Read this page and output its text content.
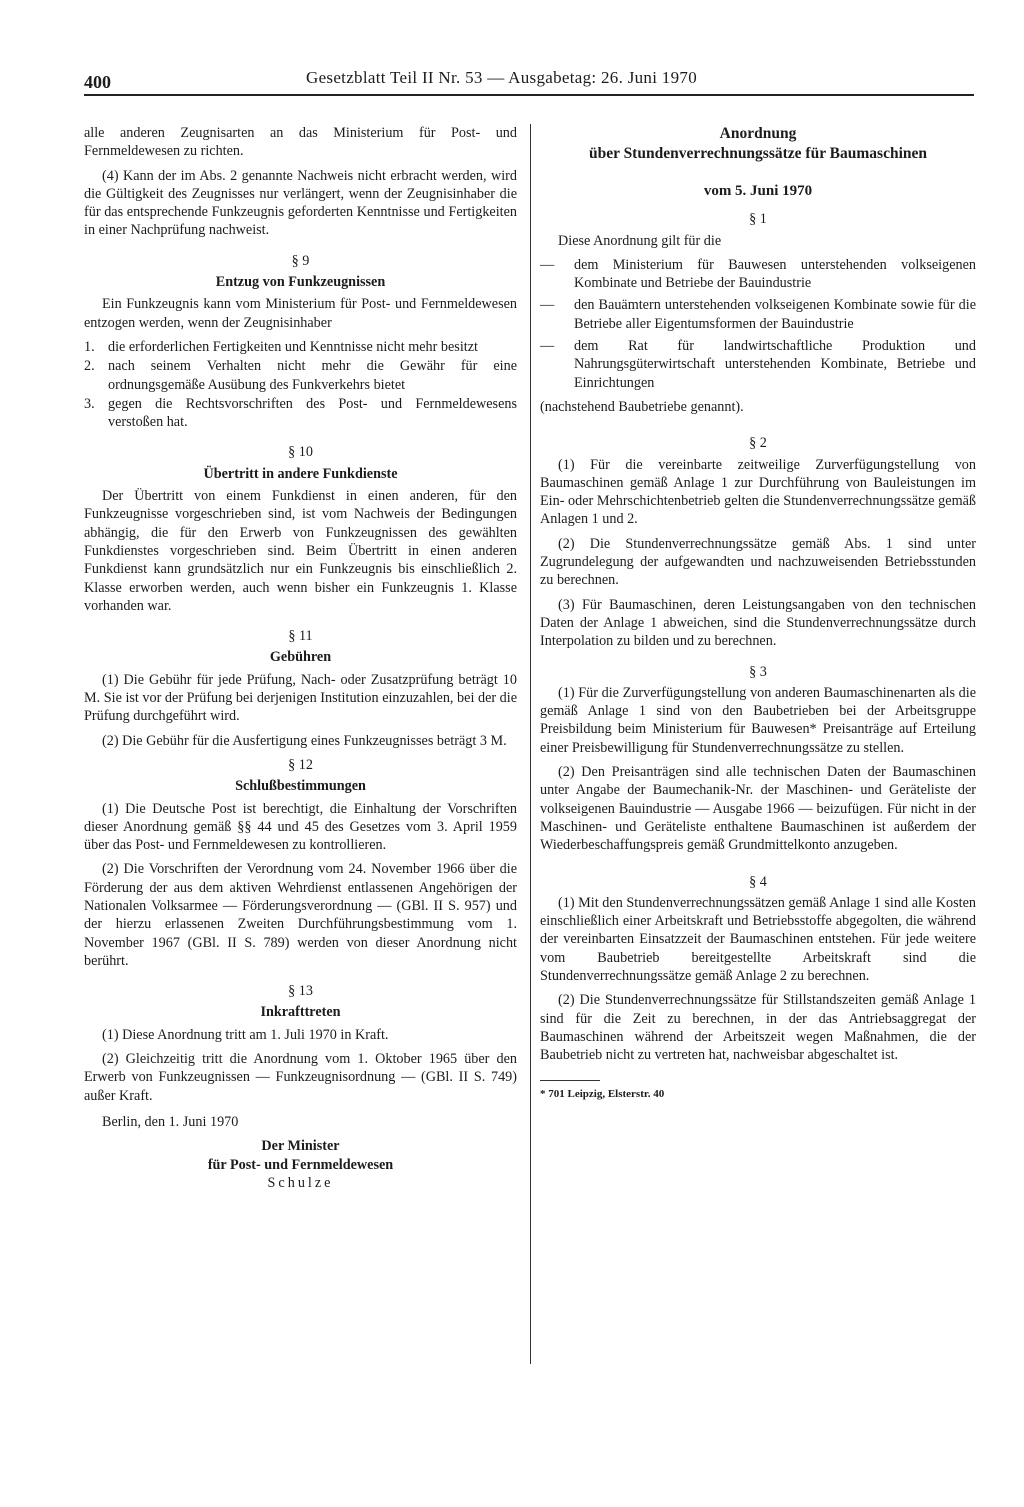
400	Gesetzblatt Teil II Nr. 53 — Ausgabetag: 26. Juni 1970

alle anderen Zeugnisarten an das Ministerium für Post- und Fernmeldewesen zu richten.

(4) Kann der im Abs. 2 genannte Nachweis nicht erbracht werden, wird die Gültigkeit des Zeugnisses nur verlängert, wenn der Zeugnisinhaber die für das entsprechende Funkzeugnis geforderten Kenntnisse und Fertigkeiten in einer Nachprüfung nachweist.

§ 9
Entzug von Funkzeugnissen

Ein Funkzeugnis kann vom Ministerium für Post- und Fernmeldewesen entzogen werden, wenn der Zeugnisinhaber

1. die erforderlichen Fertigkeiten und Kenntnisse nicht mehr besitzt
2. nach seinem Verhalten nicht mehr die Gewähr für eine ordnungsgemäße Ausübung des Funkverkehrs bietet
3. gegen die Rechtsvorschriften des Post- und Fernmeldewesens verstoßen hat.
§ 10
Übertritt in andere Funkdienste

Der Übertritt von einem Funkdienst in einen anderen, für den Funkzeugnisse vorgeschrieben sind, ist vom Nachweis der Bedingungen abhängig, die für den Erwerb von Funkzeugnissen des gewählten Funkdienstes vorgeschrieben sind. Beim Übertritt in einen anderen Funkdienst kann grundsätzlich nur ein Funkzeugnis bis einschließlich 2. Klasse erworben werden, auch wenn bisher ein Funkzeugnis 1. Klasse vorhanden war.

§ 11
Gebühren

(1) Die Gebühr für jede Prüfung, Nach- oder Zusatzprüfung beträgt 10 M. Sie ist vor der Prüfung bei derjenigen Institution einzuzahlen, bei der die Prüfung durchgeführt wird.

(2) Die Gebühr für die Ausfertigung eines Funkzeugnisses beträgt 3 M.

§ 12
Schlußbestimmungen

(1) Die Deutsche Post ist berechtigt, die Einhaltung der Vorschriften dieser Anordnung gemäß §§ 44 und 45 des Gesetzes vom 3. April 1959 über das Post- und Fernmeldewesen zu kontrollieren.

(2) Die Vorschriften der Verordnung vom 24. November 1966 über die Förderung der aus dem aktiven Wehrdienst entlassenen Angehörigen der Nationalen Volksarmee — Förderungsverordnung — (GBl. II S. 957) und der hierzu erlassenen Zweiten Durchführungsbestimmung vom 1. November 1967 (GBl. II S. 789) werden von dieser Anordnung nicht berührt.

§ 13
Inkrafttreten

(1) Diese Anordnung tritt am 1. Juli 1970 in Kraft.

(2) Gleichzeitig tritt die Anordnung vom 1. Oktober 1965 über den Erwerb von Funkzeugnissen — Funkzeugnisordnung — (GBl. II S. 749) außer Kraft.

Berlin, den 1. Juni 1970

Der Minister
für Post- und Fernmeldewesen
Schulze
Anordnung
über Stundenverrechnungssätze für Baumaschinen
vom 5. Juni 1970
§ 1

Diese Anordnung gilt für die

— dem Ministerium für Bauwesen unterstehenden volkseigenen Kombinate und Betriebe der Bauindustrie
— den Bauämtern unterstehenden volkseigenen Kombinate sowie für die Betriebe aller Eigentumsformen der Bauindustrie
— dem Rat für landwirtschaftliche Produktion und Nahrungsgüterwirtschaft unterstehenden Kombinate, Betriebe und Einrichtungen

(nachstehend Baubetriebe genannt).

§ 2

(1) Für die vereinbarte zeitweilige Zurverfügungstellung von Baumaschinen gemäß Anlage 1 zur Durchführung von Bauleistungen im Ein- oder Mehrschichtenbetrieb gelten die Stundenverrechnungssätze gemäß Anlagen 1 und 2.

(2) Die Stundenverrechnungssätze gemäß Abs. 1 sind unter Zugrundelegung der aufgewandten und nachzuweisenden Betriebsstunden zu berechnen.

(3) Für Baumaschinen, deren Leistungsangaben von den technischen Daten der Anlage 1 abweichen, sind die Stundenverrechnungssätze durch Interpolation zu bilden und zu berechnen.

§ 3

(1) Für die Zurverfügungstellung von anderen Baumaschinenarten als die gemäß Anlage 1 sind von den Baubetrieben bei der Arbeitsgruppe Preisbildung beim Ministerium für Bauwesen* Preisanträge auf Erteilung einer Preisbewilligung für Stundenverrechnungssätze zu stellen.

(2) Den Preisanträgen sind alle technischen Daten der Baumaschinen unter Angabe der Baumechanik-Nr. der Maschinen- und Geräteliste der volkseigenen Bauindustrie — Ausgabe 1966 — beizufügen. Für nicht in der Maschinen- und Geräteliste enthaltene Baumaschinen ist außerdem der Wiederbeschaffungspreis gemäß Grundmittelkonto anzugeben.

§ 4

(1) Mit den Stundenverrechnungssätzen gemäß Anlage 1 sind alle Kosten einschließlich einer Arbeitskraft und Betriebsstoffe abgegolten, die während der vereinbarten Einsatzzeit der Baumaschinen entstehen. Für jede weitere vom Baubetrieb bereitgestellte Arbeitskraft sind die Stundenverrechnungssätze gemäß Anlage 2 zu berechnen.

(2) Die Stundenverrechnungssätze für Stillstandszeiten gemäß Anlage 1 sind für die Zeit zu berechnen, in der das Antriebsaggregat der Baumaschinen während der Arbeitszeit wegen Maßnahmen, die der Baubetrieb nicht zu vertreten hat, nachweisbar abgeschaltet ist.

* 701 Leipzig, Elsterstr. 40
